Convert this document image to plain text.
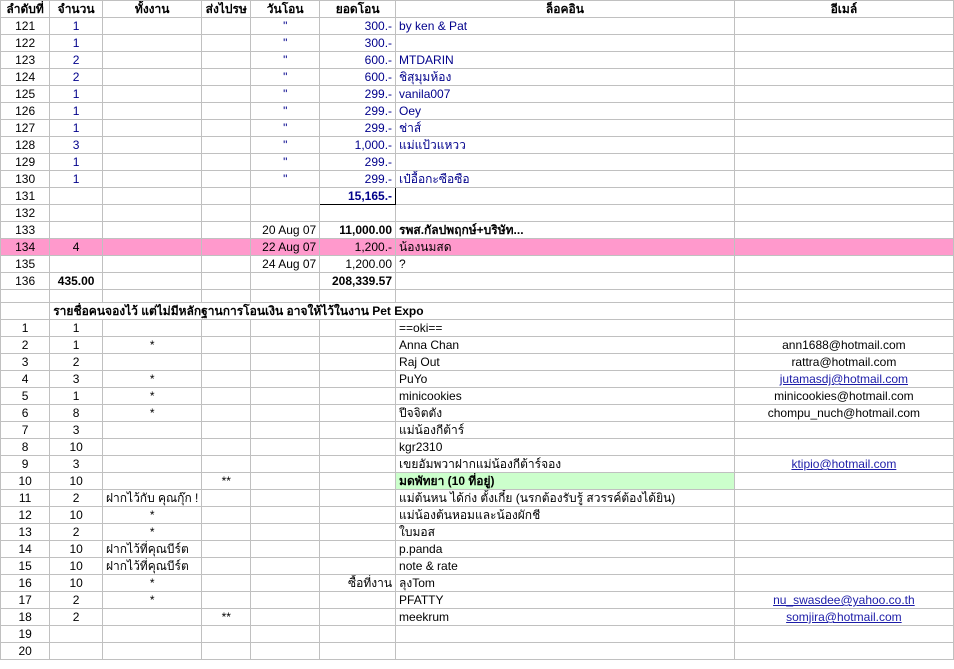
ลำดับที่	จำนวน	ทั้งงาน	ส่งไปรษ	วันโอน	ยอดโอน	ล็อคอิน	อีเมล์
121	1			"	300.-	by ken & Pat	
122	1			"	300.-		
123	2			"	600.-	MTDARIN	
124	2			"	600.-	ชิสุมุมห้อง	
125	1			"	299.-	vanila007	
126	1			"	299.-	Oey	
127	1			"	299.-	ช่าส์	
128	3			"	1,000.-	แม่แป้วแหวว	
129	1			"	299.-		
130	1			"	299.-	เป๋อื้อกะซือซือ	
131					15,165.-		
132							
133				20 Aug 07	11,000.00	รพส.กัลปพฤกษ์+บริษัท...	
134	4			22 Aug 07	1,200.-	น้องนมสด	
135				24 Aug 07	1,200.00	?	
136	435.00				208,339.57		

	รายชื่อคนจองไว้ แต่ไม่มีหลักฐานการโอนเงิน อาจให้ไว้ในงาน Pet Expo						
1	1					==oki==	
2	1	*				Anna Chan	ann1688@hotmail.com
3	2					Raj Out	rattra@hotmail.com
4	3	*				PuYo	jutamasdj@hotmail.com
5	1	*				minicookies	minicookies@hotmail.com
6	8	*				ปีจจิตตัง	chompu_nuch@hotmail.com
7	3					แม่น้องกีต้าร์	
8	10					kgr2310	
9	3					เขยอัมพวาฝากแม่น้องกีต้าร์จอง	ktipio@hotmail.com
10	10		**			มดพัทยา (10 ที่อยู่)	
11	2	ฝากไว้กับ คุณกุ๊ก !				แม่ต้นหน ได้ก่ง ตั้งเกี๋ย (นรกต้องรับรู้ สวรรค์ต้องได้ยิน)	
12	10	*				แม่น้องต้นหอมและน้องผักชี	
13	2	*				ใบมอส	
14	10	ฝากไว้ที่คุณบีร์ต				p.panda	
15	10	ฝากไว้ที่คุณบีร์ต				note & rate	
16	10	*			ซื้อที่งาน	ลุงTom	
17	2	*				PFATTY	nu_swasdee@yahoo.co.th
18	2		**			meekrum	somjira@hotmail.com
19							
20							
